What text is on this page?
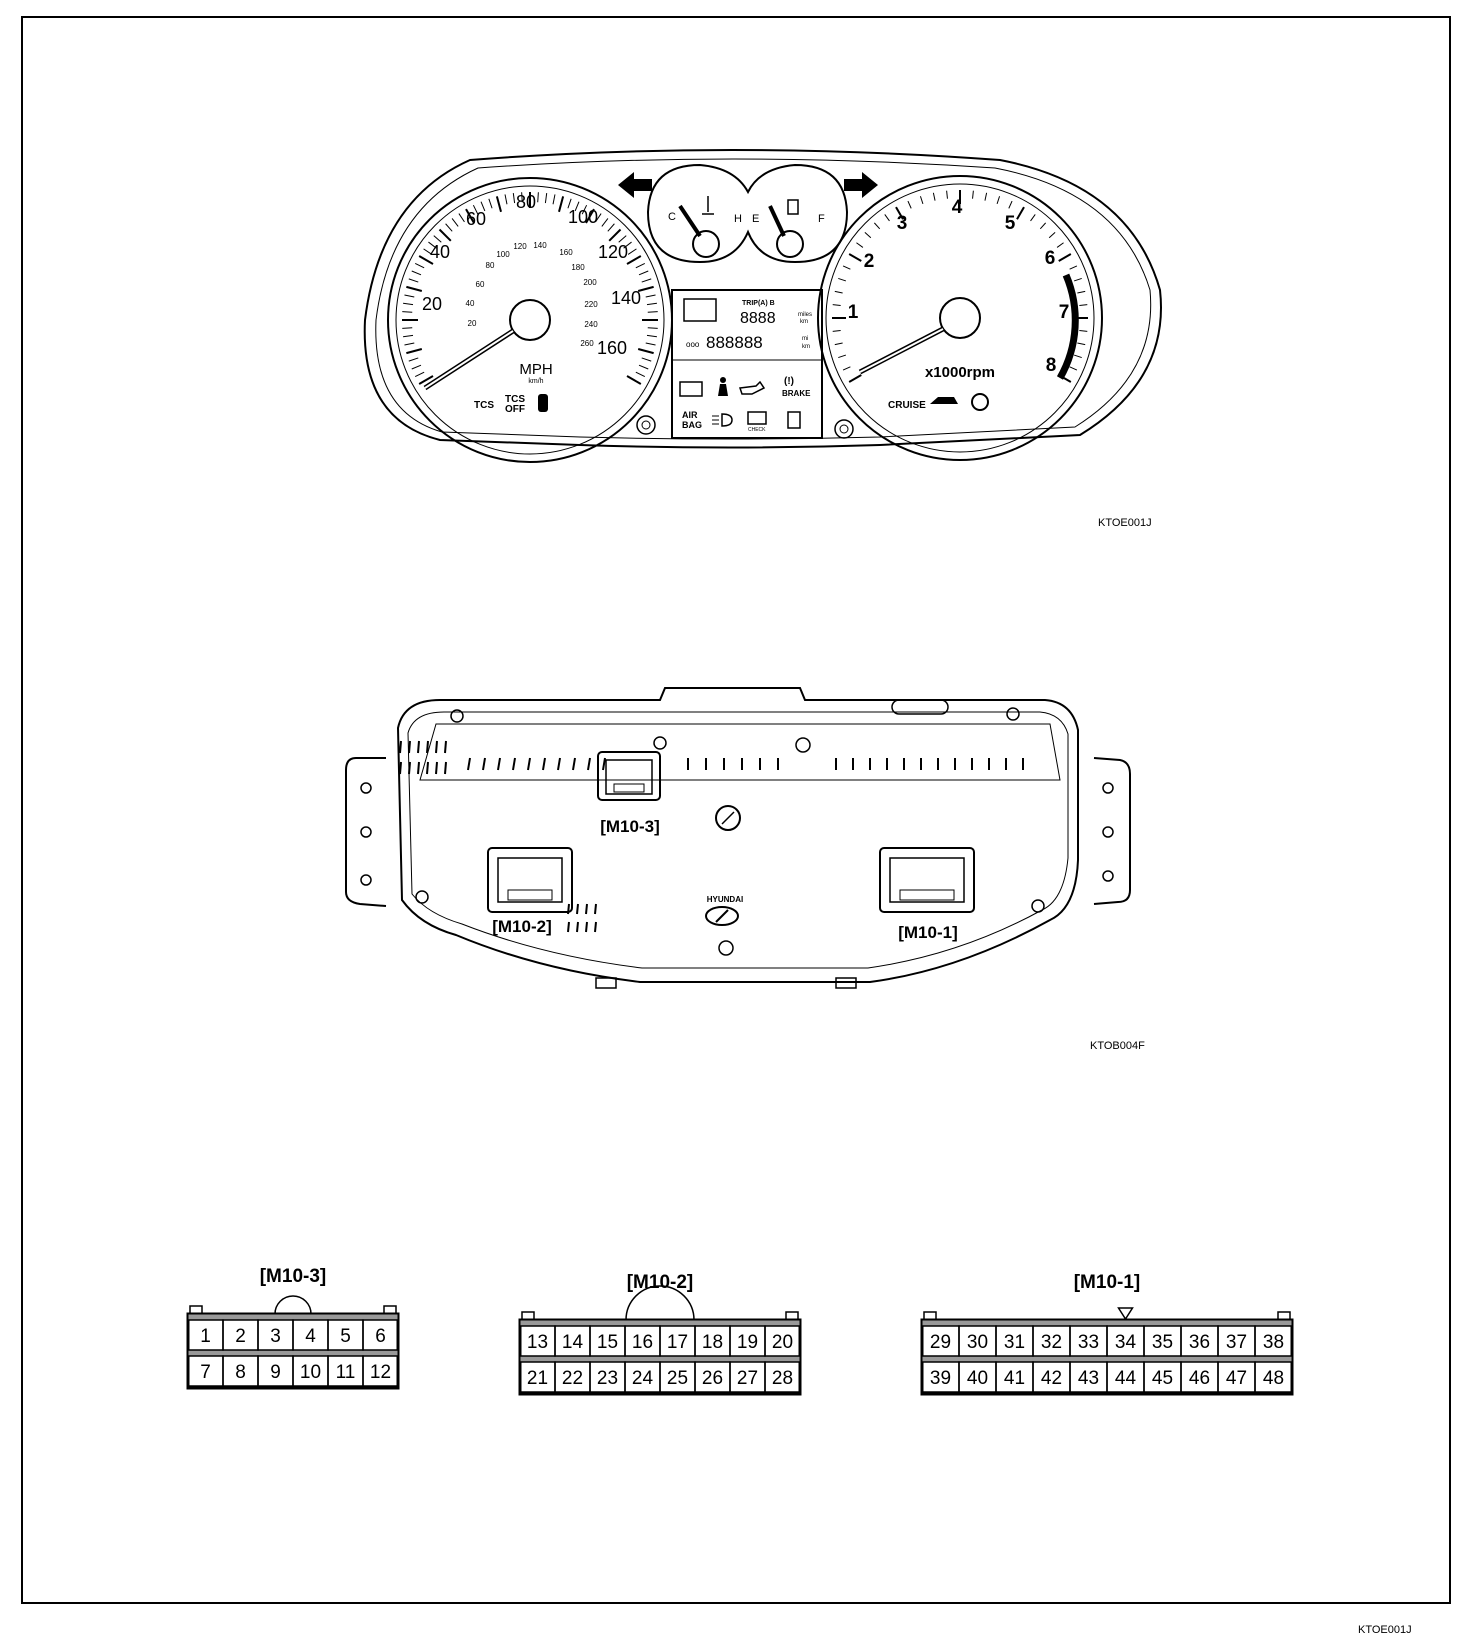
20
40
60
80
100
120
140
160
20
40
60
80
100
120 140
160
180
200
220
240
260
MPH
km/h
TCS
TCS
OFF
C	H E	F
TRIP(A) B
8888	miles
km
ooo 888888	mi
km
(!)
BRAKE
AIR
BAG	CHECK
1
2
3
4
5
6
7
8
x1000rpm
CRUISE
KTOE001J
[M10-3]
[M10-2]	[M10-1]
HYUNDAI
KTOB004F
[M10-3]
1 2 3 4 5 6
7 8 9 10 11 12
[M10-2]
13 14 15 16 17 18 19 20
21 22 23 24 25 26 27 28
[M10-1]
29 30 31 32 33 34 35 36 37 38
39 40 41 42 43 44 45 46 47 48
KTOE001J
